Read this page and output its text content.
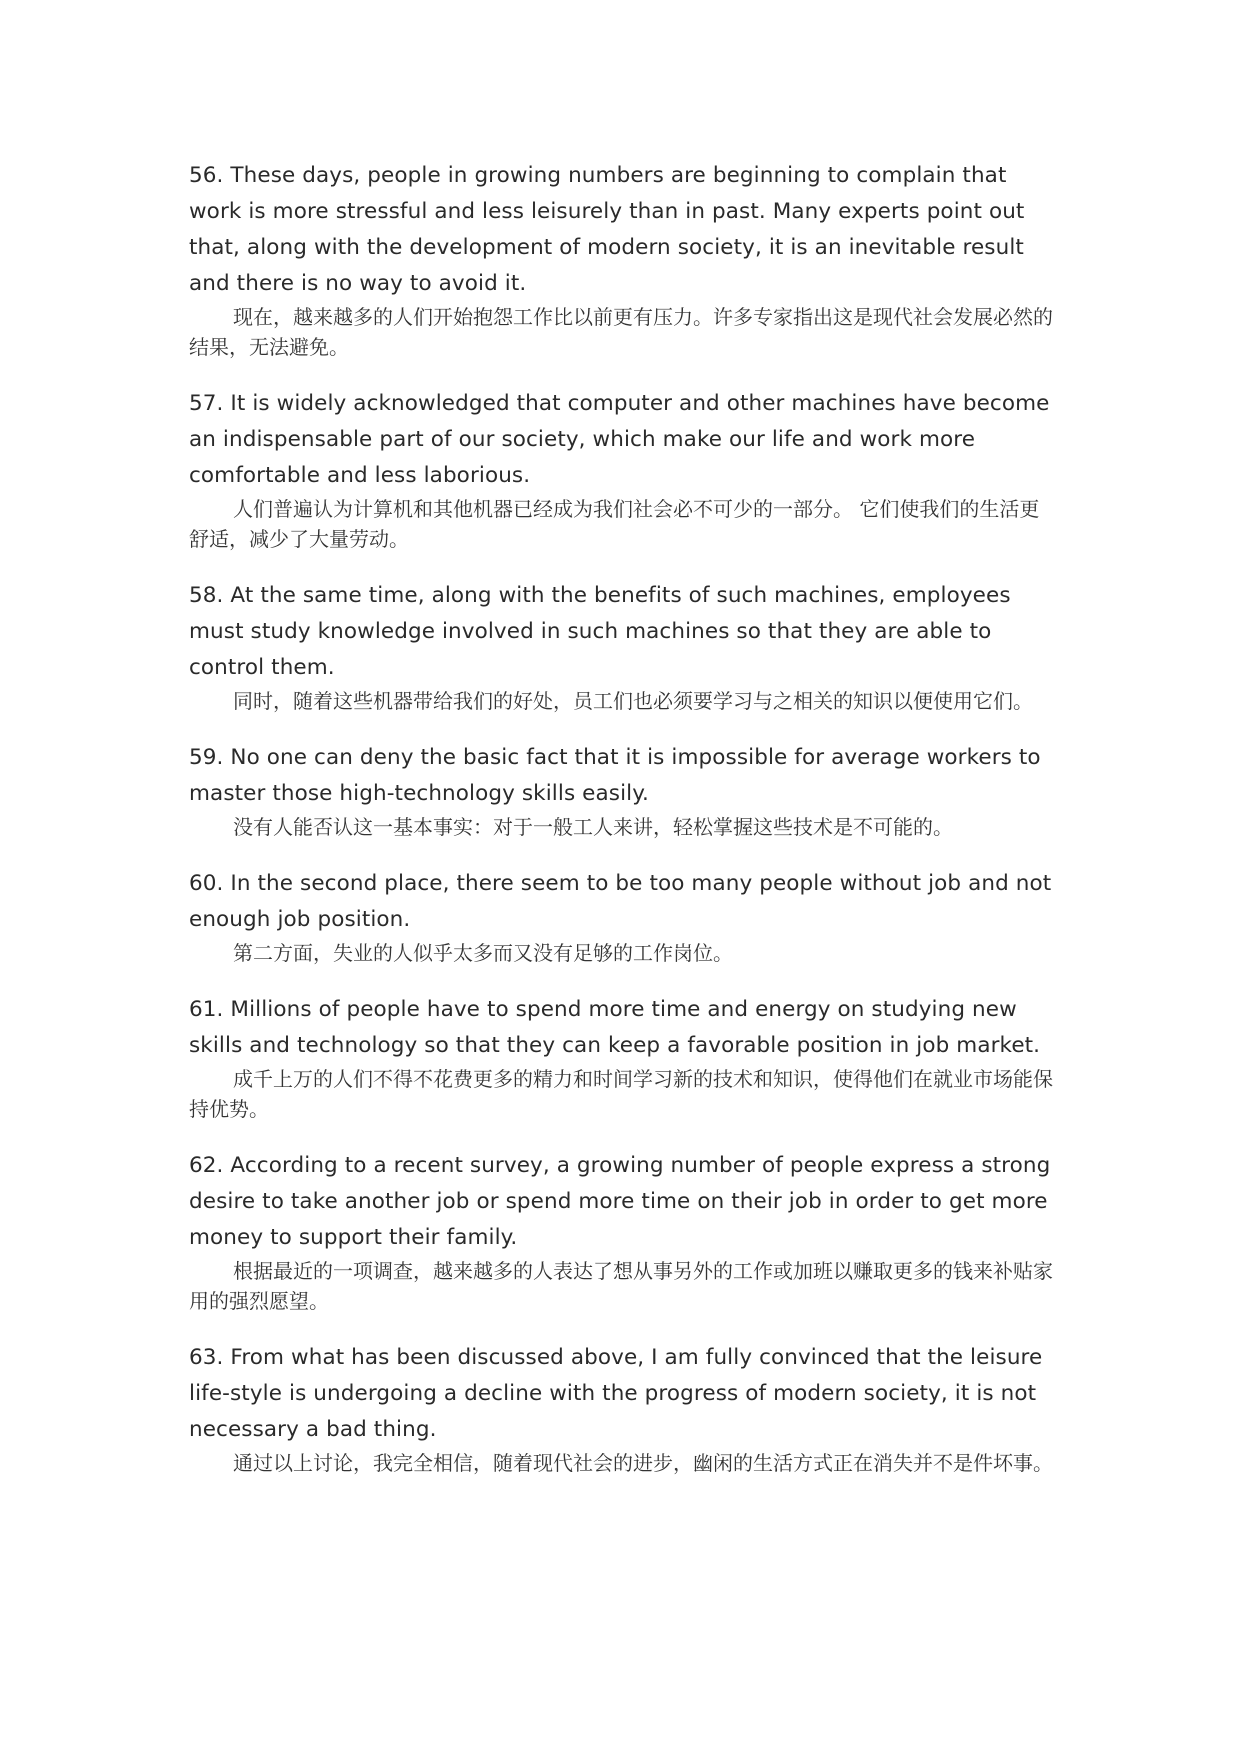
56. These days, people in growing numbers are beginning to complain that work is more stressful and less leisurely than in past. Many experts point out that, along with the development of modern society, it is an inevitable result and there is no way to avoid it.

现在，越来越多的人们开始抱怨工作比以前更有压力。许多专家指出这是现代社会发展必然的结果，无法避免。

57. It is widely acknowledged that computer and other machines have become an indispensable part of our society, which make our life and work more comfortable and less laborious.

人们普遍认为计算机和其他机器已经成为我们社会必不可少的一部分。 它们使我们的生活更舒适，减少了大量劳动。

58. At the same time, along with the benefits of such machines, employees must study knowledge involved in such machines so that they are able to control them.

同时，随着这些机器带给我们的好处，员工们也必须要学习与之相关的知识以便使用它们。

59. No one can deny the basic fact that it is impossible for average workers to master those high-technology skills easily.

没有人能否认这一基本事实：对于一般工人来讲，轻松掌握这些技术是不可能的。

60. In the second place, there seem to be too many people without job and not enough job position.

第二方面，失业的人似乎太多而又没有足够的工作岗位。

61. Millions of people have to spend more time and energy on studying new skills and technology so that they can keep a favorable position in job market.

成千上万的人们不得不花费更多的精力和时间学习新的技术和知识，使得他们在就业市场能保持优势。

62. According to a recent survey, a growing number of people express a strong desire to take another job or spend more time on their job in order to get more money to support their family.

根据最近的一项调查，越来越多的人表达了想从事另外的工作或加班以赚取更多的钱来补贴家用的强烈愿望。

63. From what has been discussed above, I am fully convinced that the leisure life-style is undergoing a decline with the progress of modern society, it is not necessary a bad thing.

通过以上讨论，我完全相信，随着现代社会的进步，幽闲的生活方式正在消失并不是件坏事。
